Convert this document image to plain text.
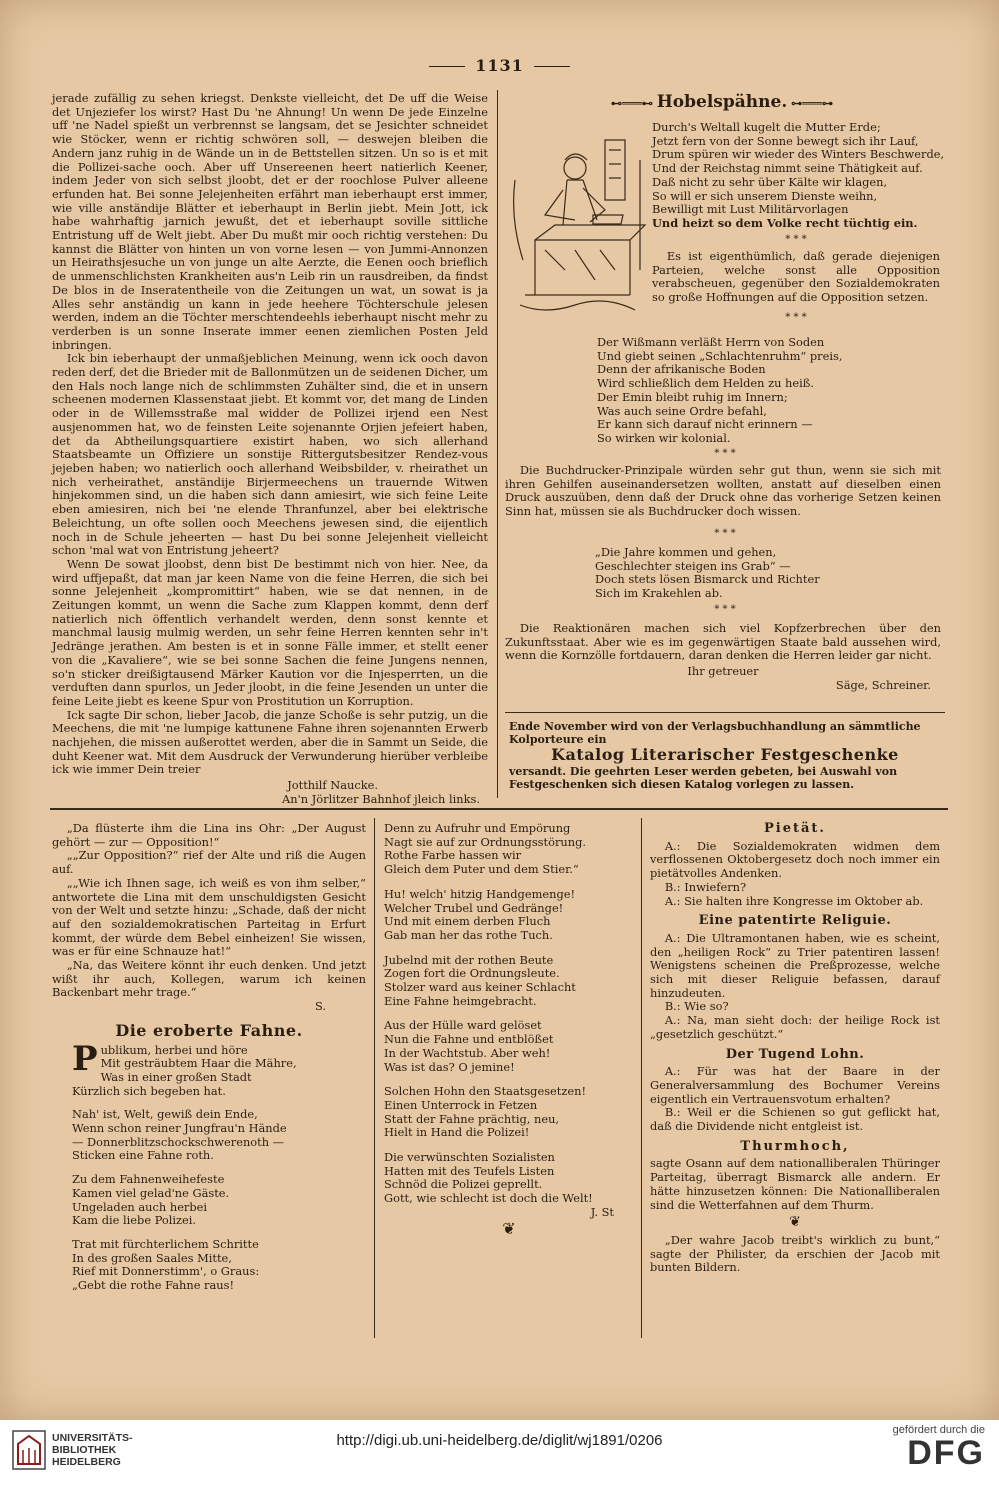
1131

jerade zufällig zu sehen kriegst. Denkste vielleicht, det De uff die Weise det Unjeziefer los wirst? Hast Du 'ne Ahnung! Un wenn De jede Einzelne uff 'ne Nadel spießt un verbrennst se langsam, det se Jesichter schneidet wie Stöcker, wenn er richtig schwören soll, — deswejen bleiben die Andern janz ruhig in de Wände un in de Bettstellen sitzen. Un so is et mit die Pollizei-sache ooch. Aber uff Unsereenen heert natierlich Keener, indem Jeder von sich selbst jloobt, det er der roochlose Pulver alleene erfunden hat. Bei sonne Jelejenheiten erfährt man ieberhaupt erst immer, wie ville anständije Blätter et ieberhaupt in Berlin jiebt. Mein Jott, ick habe wahrhaftig jarnich jewußt, det et ieberhaupt soville sittliche Entristung uff de Welt jiebt. Aber Du mußt mir ooch richtig verstehen: Du kannst die Blätter von hinten un von vorne lesen — von Jummi-Annonzen un Heirathsjesuche un von junge un alte Aerzte, die Eenen ooch brieflich de unmenschlichsten Krankheiten aus'n Leib rin un rausdreiben, da findst De blos in de Inseratentheile von die Zeitungen un wat, un sowat is ja Alles sehr anständig un kann in jede heehere Töchterschule jelesen werden, indem an die Töchter merschtendeehls ieberhaupt nischt mehr zu verderben is un sonne Inserate immer eenen ziemlichen Posten Jeld inbringen.

Ick bin ieberhaupt der unmaßjeblichen Meinung, wenn ick ooch davon reden derf, det die Brieder mit de Ballonmützen un de seidenen Dicher, um den Hals noch lange nich de schlimmsten Zuhälter sind, die et in unsern scheenen modernen Klassenstaat jiebt. Et kommt vor, det mang de Linden oder in de Willemsstraße mal widder de Pollizei irjend een Nest ausjenommen hat, wo de feinsten Leite sojenannte Orjien jefeiert haben, det da Abtheilungsquartiere existirt haben, wo sich allerhand Staatsbeamte un Offiziere un sonstije Rittergutsbesitzer Rendez-vous jejeben haben; wo natierlich ooch allerhand Weibsbilder, v. rheirathet un nich verheirathet, anständije Birjermeechens un trauernde Witwen hinjekommen sind, un die haben sich dann amiesirt, wie sich feine Leite eben amiesiren, nich bei 'ne elende Thranfunzel, aber bei elektrische Beleichtung, un ofte sollen ooch Meechens jewesen sind, die eijentlich noch in de Schule jeheerten — hast Du bei sonne Jelejenheit vielleicht schon 'mal wat von Entristung jeheert?

Wenn De sowat jloobst, denn bist De bestimmt nich von hier. Nee, da wird uffjepaßt, dat man jar keen Name von die feine Herren, die sich bei sonne Jelejenheit „kompromittirt“ haben, wie se dat nennen, in de Zeitungen kommt, un wenn die Sache zum Klappen kommt, denn derf natierlich nich öffentlich verhandelt werden, denn sonst kennte et manchmal lausig mulmig werden, un sehr feine Herren kennten sehr in't Jedränge jerathen. Am besten is et in sonne Fälle immer, et stellt eener von die „Kavaliere“, wie se bei sonne Sachen die feine Jungens nennen, so'n sticker dreißigtausend Märker Kaution vor die Injesperrten, un die verduften dann spurlos, un Jeder jloobt, in die feine Jesenden un unter die feine Leite jiebt es keene Spur von Prostitution un Korruption.

Ick sagte Dir schon, lieber Jacob, die janze Schoße is sehr putzig, un die Meechens, die mit 'ne lumpige kattunene Fahne ihren sojenannten Erwerb nachjehen, die missen außerottet werden, aber die in Sammt un Seide, die duht Keener wat. Mit dem Ausdruck der Verwunderung hierüber verbleibe ick wie immer Dein treier

Jotthilf Naucke.
An'n Jörlitzer Bahnhof jleich links.
⊷═══⊷ Hobelspähne. ⊶═══⊶
Durch's Weltall kugelt die Mutter Erde;
Jetzt fern von der Sonne bewegt sich ihr Lauf,
Drum spüren wir wieder des Winters Beschwerde,
Und der Reichstag nimmt seine Thätigkeit auf.
Daß nicht zu sehr über Kälte wir klagen,
So will er sich unserem Dienste weihn,
Bewilligt mit Lust Militärvorlagen
Und heizt so dem Volke recht tüchtig ein.
* * *

Es ist eigenthümlich, daß gerade diejenigen Parteien, welche sonst alle Opposition verabscheuen, gegenüber den Sozialdemokraten so große Hoffnungen auf die Opposition setzen.

* * *
Der Wißmann verläßt Herrn von Soden
Und giebt seinen „Schlachtenruhm“ preis,
Denn der afrikanische Boden
Wird schließlich dem Helden zu heiß.
Der Emin bleibt ruhig im Innern;
Was auch seine Ordre befahl,
Er kann sich darauf nicht erinnern —
So wirken wir kolonial.
* * *

Die Buchdrucker-Prinzipale würden sehr gut thun, wenn sie sich mit ihren Gehilfen auseinandersetzen wollten, anstatt auf dieselben einen Druck auszuüben, denn daß der Druck ohne das vorherige Setzen keinen Sinn hat, müssen sie als Buchdrucker doch wissen.

* * *
„Die Jahre kommen und gehen,
Geschlechter steigen ins Grab“ —
Doch stets lösen Bismarck und Richter
Sich im Krakehlen ab.
* * *

Die Reaktionären machen sich viel Kopfzerbrechen über den Zukunftsstaat. Aber wie es im gegenwärtigen Staate bald aussehen wird, wenn die Kornzölle fortdauern, daran denken die Herren leider gar nicht.

Ihr getreuer
Säge, Schreiner.
Ende November wird von der Verlagsbuchhandlung an sämmtliche Kolporteure ein
Katalog Literarischer Festgeschenke
versandt. Die geehrten Leser werden gebeten, bei Auswahl von Festgeschenken sich diesen Katalog vorlegen zu lassen.

„Da flüsterte ihm die Lina ins Ohr: „Der August gehört — zur — Opposition!“

„„Zur Opposition?“ rief der Alte und riß die Augen auf.

„„Wie ich Ihnen sage, ich weiß es von ihm selber,“ antwortete die Lina mit dem unschuldigsten Gesicht von der Welt und setzte hinzu: „Schade, daß der nicht auf den sozialdemokratischen Parteitag in Erfurt kommt, der würde dem Bebel einheizen! Sie wissen, was er für eine Schnauze hat!“

„Na, das Weitere könnt ihr euch denken. Und jetzt wißt ihr auch, Kollegen, warum ich keinen Backenbart mehr trage.“

S.
Die eroberte Fahne.
P ublikum, herbei und höre
Mit gesträubtem Haar die Mähre,
Was in einer großen Stadt
Kürzlich sich begeben hat.
Nah' ist, Welt, gewiß dein Ende,
Wenn schon reiner Jungfrau'n Hände
— Donnerblitzschockschwerenoth —
Sticken eine Fahne roth.
Zu dem Fahnenweihefeste
Kamen viel gelad'ne Gäste.
Ungeladen auch herbei
Kam die liebe Polizei.
Trat mit fürchterlichem Schritte
In des großen Saales Mitte,
Rief mit Donnerstimm', o Graus:
„Gebt die rothe Fahne raus!
Denn zu Aufruhr und Empörung
Nagt sie auf zur Ordnungsstörung.
Rothe Farbe hassen wir
Gleich dem Puter und dem Stier.“
Hu! welch' hitzig Handgemenge!
Welcher Trubel und Gedränge!
Und mit einem derben Fluch
Gab man her das rothe Tuch.
Jubelnd mit der rothen Beute
Zogen fort die Ordnungsleute.
Stolzer ward aus keiner Schlacht
Eine Fahne heimgebracht.
Aus der Hülle ward gelöset
Nun die Fahne und entblößet
In der Wachtstub. Aber weh!
Was ist das? O jemine!
Solchen Hohn den Staatsgesetzen!
Einen Unterrock in Fetzen
Statt der Fahne prächtig, neu,
Hielt in Hand die Polizei!
Die verwünschten Sozialisten
Hatten mit des Teufels Listen
Schnöd die Polizei geprellt.
Gott, wie schlecht ist doch die Welt!
J. St
❦
Pietät.

A.: Die Sozialdemokraten widmen dem verflossenen Oktobergesetz doch noch immer ein pietätvolles Andenken.

B.: Inwiefern?

A.: Sie halten ihre Kongresse im Oktober ab.

Eine patentirte Religuie.

A.: Die Ultramontanen haben, wie es scheint, den „heiligen Rock“ zu Trier patentiren lassen! Wenigstens scheinen die Preßprozesse, welche sich mit dieser Religuie befassen, darauf hinzudeuten.

B.: Wie so?

A.: Na, man sieht doch: der heilige Rock ist „gesetzlich geschützt.“

Der Tugend Lohn.

A.: Für was hat der Baare in der Generalversammlung des Bochumer Vereins eigentlich ein Vertrauensvotum erhalten?

B.: Weil er die Schienen so gut geflickt hat, daß die Dividende nicht entgleist ist.

Thurmhoch,

sagte Osann auf dem nationalliberalen Thüringer Parteitag, überragt Bismarck alle andern. Er hätte hinzusetzen können: Die Nationalliberalen sind die Wetterfahnen auf dem Thurm.

❦

„Der wahre Jacob treibt's wirklich zu bunt,“ sagte der Philister, da erschien der Jacob mit bunten Bildern.

UNIVERSITÄTS-
BIBLIOTHEK
HEIDELBERG
http://digi.ub.uni-heidelberg.de/diglit/wj1891/0206
gefördert durch die
DFG
